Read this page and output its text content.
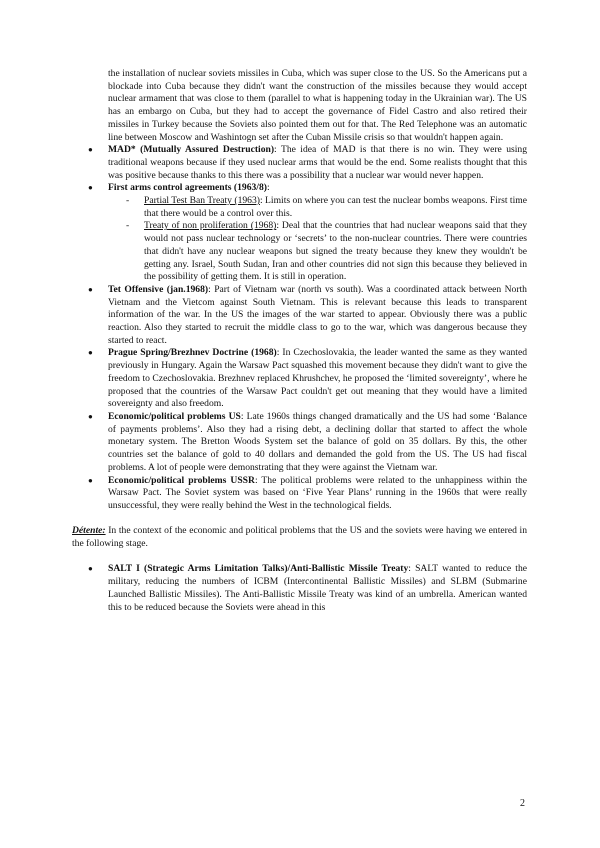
the installation of nuclear soviets missiles in Cuba, which was super close to the US. So the Americans put a blockade into Cuba because they didn't want the construction of the missiles because they would accept nuclear armament that was close to them (parallel to what is happening today in the Ukrainian war). The US has an embargo on Cuba, but they had to accept the governance of Fidel Castro and also retired their missiles in Turkey because the Soviets also pointed them out for that. The Red Telephone was an automatic line between Moscow and Washintogn set after the Cuban Missile crisis so that wouldn't happen again.

● MAD* (Mutually Assured Destruction): The idea of MAD is that there is no win. They were using traditional weapons because if they used nuclear arms that would be the end. Some realists thought that this was positive because thanks to this there was a possibility that a nuclear war would never happen.
● First arms control agreements (1963/8):
- Partial Test Ban Treaty (1963): Limits on where you can test the nuclear bombs weapons. First time that there would be a control over this.
- Treaty of non proliferation (1968): Deal that the countries that had nuclear weapons said that they would not pass nuclear technology or ‘secrets’ to the non-nuclear countries. There were countries that didn't have any nuclear weapons but signed the treaty because they knew they wouldn't be getting any. Israel, South Sudan, Iran and other countries did not sign this because they believed in the possibility of getting them. It is still in operation.
● Tet Offensive (jan.1968): Part of Vietnam war (north vs south). Was a coordinated attack between North Vietnam and the Vietcom against South Vietnam. This is relevant because this leads to transparent information of the war. In the US the images of the war started to appear. Obviously there was a public reaction. Also they started to recruit the middle class to go to the war, which was dangerous because they started to react.
● Prague Spring/Brezhnev Doctrine (1968): In Czechoslovakia, the leader wanted the same as they wanted previously in Hungary. Again the Warsaw Pact squashed this movement because they didn't want to give the freedom to Czechoslovakia. Brezhnev replaced Khrushchev, he proposed the ‘limited sovereignty’, where he proposed that the countries of the Warsaw Pact couldn't get out meaning that they would have a limited sovereignty and also freedom.
● Economic/political problems US: Late 1960s things changed dramatically and the US had some ‘Balance of payments problems’. Also they had a rising debt, a declining dollar that started to affect the whole monetary system. The Bretton Woods System set the balance of gold on 35 dollars. By this, the other countries set the balance of gold to 40 dollars and demanded the gold from the US. The US had fiscal problems. A lot of people were demonstrating that they were against the Vietnam war.
● Economic/political problems USSR: The political problems were related to the unhappiness within the Warsaw Pact. The Soviet system was based on ‘Five Year Plans’ running in the 1960s that were really unsuccessful, they were really behind the West in the technological fields.

Détente: In the context of the economic and political problems that the US and the soviets were having we entered in the following stage.

● SALT I (Strategic Arms Limitation Talks)/Anti-Ballistic Missile Treaty: SALT wanted to reduce the military, reducing the numbers of ICBM (Intercontinental Ballistic Missiles) and SLBM (Submarine Launched Ballistic Missiles). The Anti-Ballistic Missile Treaty was kind of an umbrella. American wanted this to be reduced because the Soviets were ahead in this
2
